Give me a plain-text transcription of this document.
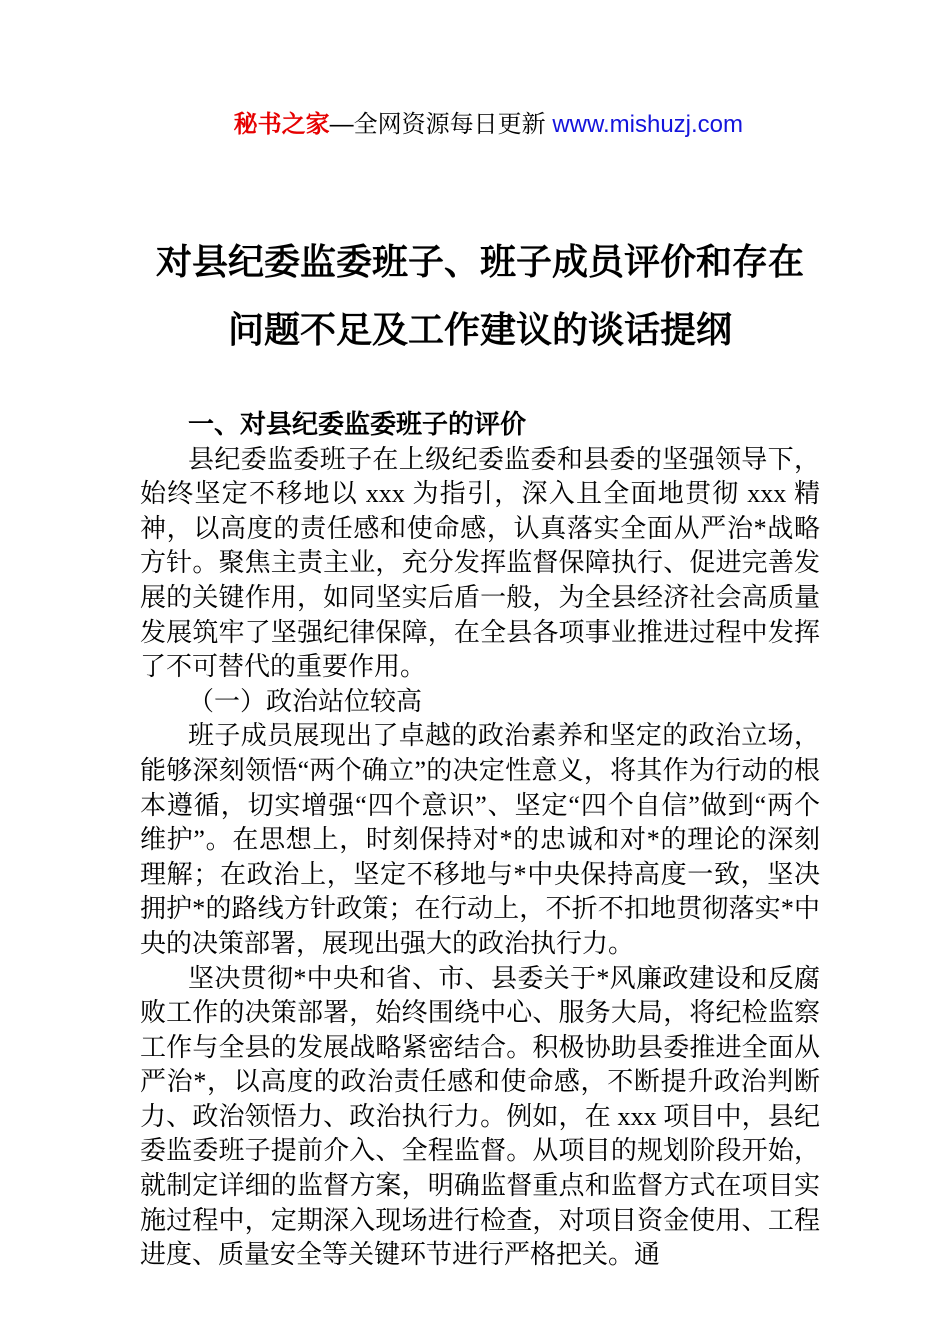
秘书之家—全网资源每日更新 www.mishuzj.com

对县纪委监委班子、班子成员评价和存在问题不足及工作建议的谈话提纲

一、对县纪委监委班子的评价

县纪委监委班子在上级纪委监委和县委的坚强领导下，始终坚定不移地以 xxx 为指引，深入且全面地贯彻 xxx 精神，以高度的责任感和使命感，认真落实全面从严治*战略方针。聚焦主责主业，充分发挥监督保障执行、促进完善发展的关键作用，如同坚实后盾一般，为全县经济社会高质量发展筑牢了坚强纪律保障，在全县各项事业推进过程中发挥了不可替代的重要作用。

（一）政治站位较高

班子成员展现出了卓越的政治素养和坚定的政治立场，能够深刻领悟“两个确立”的决定性意义，将其作为行动的根本遵循，切实增强“四个意识”、坚定“四个自信”做到“两个维护”。在思想上，时刻保持对*的忠诚和对*的理论的深刻理解；在政治上，坚定不移地与*中央保持高度一致，坚决拥护*的路线方针政策；在行动上，不折不扣地贯彻落实*中央的决策部署，展现出强大的政治执行力。

坚决贯彻*中央和省、市、县委关于*风廉政建设和反腐败工作的决策部署，始终围绕中心、服务大局，将纪检监察工作与全县的发展战略紧密结合。积极协助县委推进全面从严治*，以高度的政治责任感和使命感，不断提升政治判断力、政治领悟力、政治执行力。例如，在 xxx 项目中，县纪委监委班子提前介入、全程监督。从项目的规划阶段开始，就制定详细的监督方案，明确监督重点和监督方式在项目实施过程中，定期深入现场进行检查，对项目资金使用、工程进度、质量安全等关键环节进行严格把关。通
